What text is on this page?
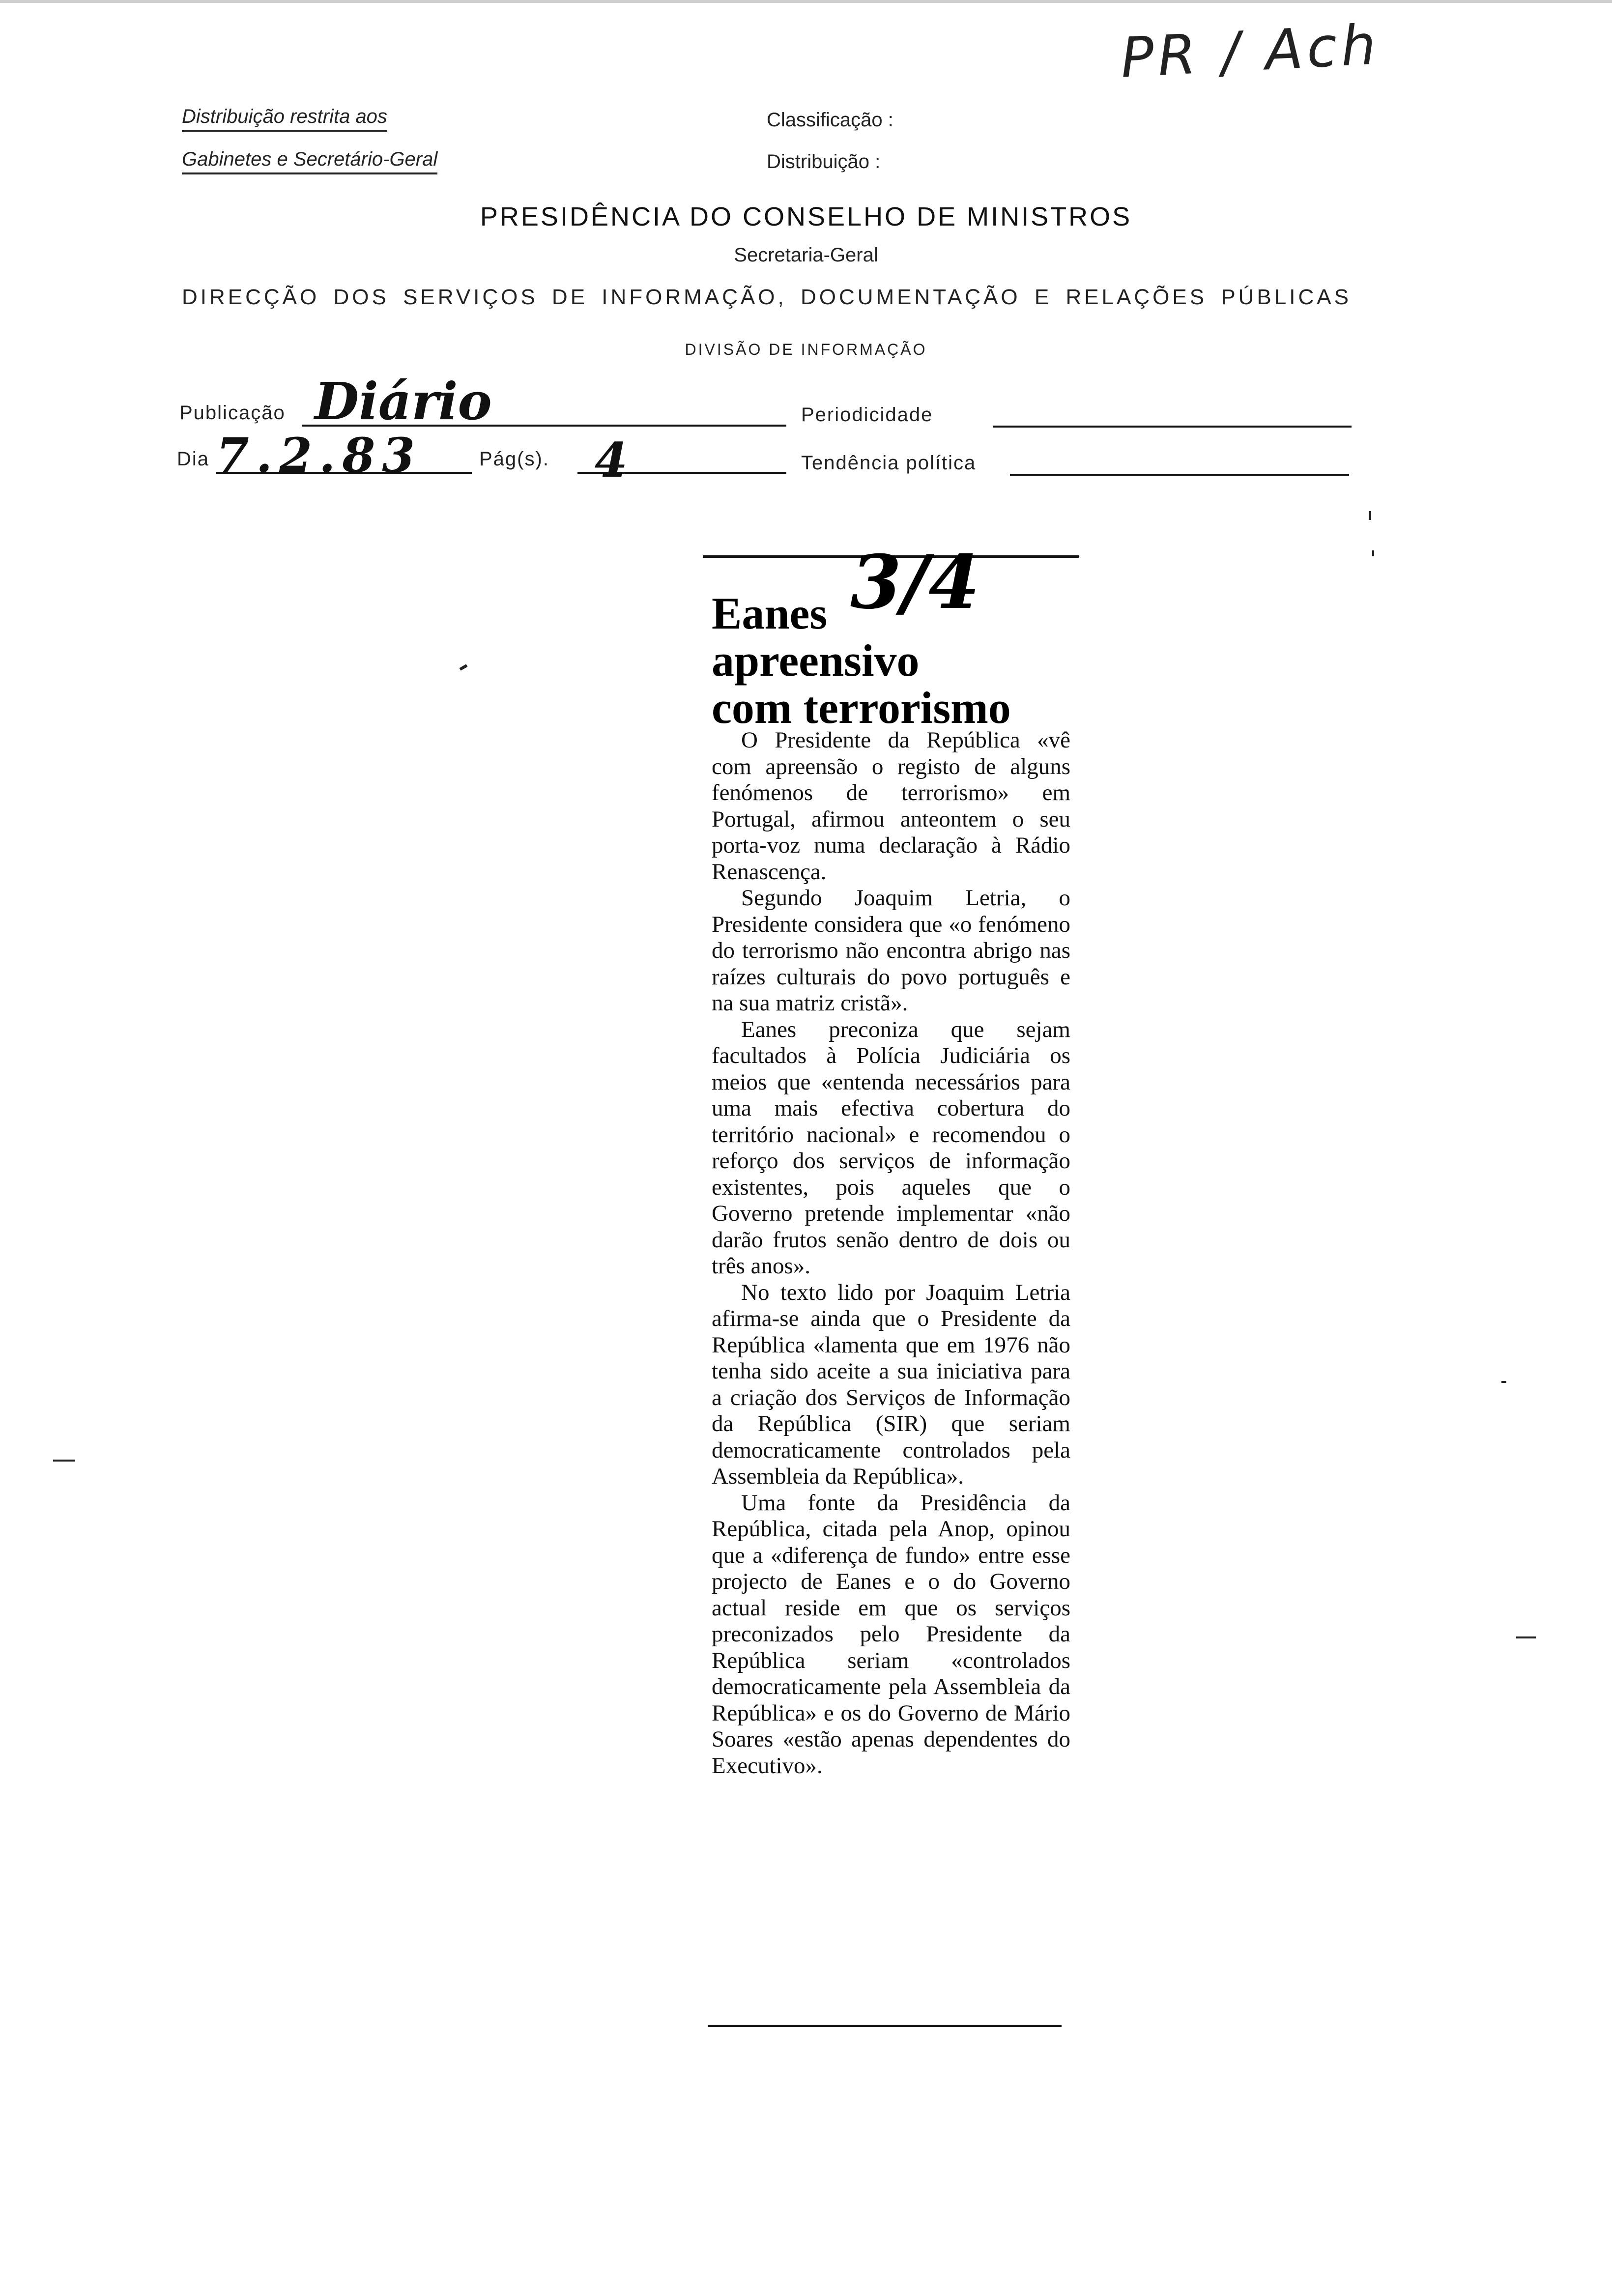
PR / Ach
Distribuição restrita aos
Gabinetes e Secretário-Geral
Classificação :
Distribuição :
PRESIDÊNCIA DO CONSELHO DE MINISTROS
Secretaria-Geral
DIRECÇÃO DOS SERVIÇOS DE INFORMAÇÃO, DOCUMENTAÇÃO E RELAÇÕES PÚBLICAS
DIVISÃO DE INFORMAÇÃO
Publicação Diário	Periodicidade
Dia 7.2.83	Pág(s). 4	Tendência política
Eanes
apreensivo
com terrorismo
3/4

O Presidente da República «vê com apreensão o registo de alguns fenómenos de terrorismo» em Portugal, afirmou anteontem o seu porta-voz numa declaração à Rádio Renascença.

Segundo Joaquim Letria, o Presidente considera que «o fenómeno do terrorismo não encontra abrigo nas raízes culturais do povo português e na sua matriz cristã».

Eanes preconiza que sejam facultados à Polícia Judiciária os meios que «entenda necessários para uma mais efectiva cobertura do território nacional» e recomendou o reforço dos serviços de informação existentes, pois aqueles que o Governo pretende implementar «não darão frutos senão dentro de dois ou três anos».

No texto lido por Joaquim Letria afirma-se ainda que o Presidente da República «lamenta que em 1976 não tenha sido aceite a sua iniciativa para a criação dos Serviços de Informação da República (SIR) que seriam democraticamente controlados pela Assembleia da República».

Uma fonte da Presidência da República, citada pela Anop, opinou que a «diferença de fundo» entre esse projecto de Eanes e o do Governo actual reside em que os serviços preconizados pelo Presidente da República seriam «controlados democraticamente pela Assembleia da República» e os do Governo de Mário Soares «estão apenas dependentes do Executivo».
